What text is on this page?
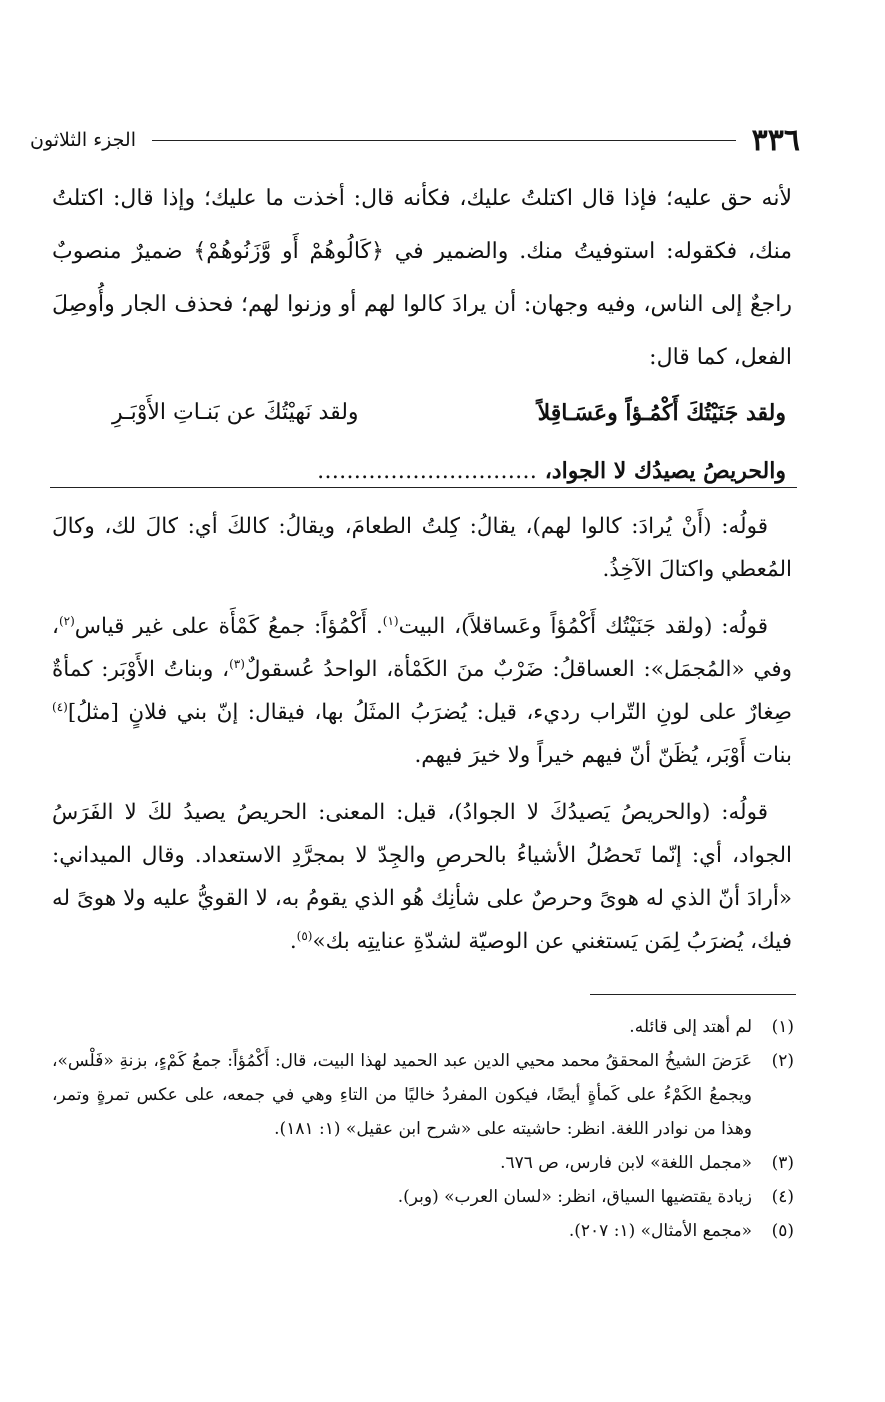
٣٣٦
الجزء الثلاثون

لأنه حق عليه؛ فإذا قال اكتلتُ عليك، فكأنه قال: أخذت ما عليك؛ وإذا قال: اكتلتُ منك، فكقوله: استوفيتُ منك. والضمير في ﴿كَالُوهُمْ أَو وَّزَنُوهُمْ﴾ ضميرٌ منصوبٌ راجعٌ إلى الناس، وفيه وجهان: أن يرادَ كالوا لهم أو وزنوا لهم؛ فحذف الجار وأُوصِلَ الفعل، كما قال:

ولقد جَنَيْتُكَ أَكْمُـؤاً وعَسَـاقِلاً
ولقد نَهيْتُكَ عن بَنـاتِ الأَوْبَـرِ
والحريصُ يصيدُك لا الجواد، …………………………

قولُه: (أَنْ يُرادَ: كالوا لهم)، يقالُ: كِلتُ الطعامَ، ويقالُ: كالكَ أي: كالَ لك، وكالَ المُعطي واكتالَ الآخِذُ.

قولُه: (ولقد جَنَيْتُك أَكْمُؤاً وعَساقلاً)، البيت$^{(١)}$. أَكْمُؤاً: جمعُ كَمْأَة على غير قياس$^{(٢)}$، وفي «المُجمَل»: العساقلُ: ضَرْبٌ منَ الكَمْأة، الواحدُ عُسقولٌ$^{(٣)}$، وبناتُ الأَوْبَر: كمأةٌ صِغارٌ على لونِ التّراب رديء، قيل: يُضرَبُ المثَلُ بها، فيقال: إنّ بني فلانٍ [مثلُ]$^{(٤)}$ بنات أَوْبَر، يُظَنّ أنّ فيهم خيراً ولا خيرَ فيهم.

قولُه: (والحريصُ يَصيدُكَ لا الجوادُ)، قيل: المعنى: الحريصُ يصيدُ لكَ لا الفَرَسُ الجواد، أي: إنّما تَحصُلُ الأشياءُ بالحرصِ والجِدّ لا بمجرَّدِ الاستعداد. وقال الميداني: «أرادَ أنّ الذي له هوىً وحرصٌ على شأنِك هُو الذي يقومُ به، لا القويُّ عليه ولا هوىً له فيك، يُضرَبُ لِمَن يَستغني عن الوصيّة لشدّةِ عنايتِه بك»$^{(٥)}$.

(١)
لم أهتد إلى قائله.
(٢)
عَرَضَ الشيخُ المحققُ محمد محيي الدين عبد الحميد لهذا البيت، قال: أَكْمُؤاً: جمعُ كَمْءٍ، بزنةِ «فَلْس»، ويجمعُ الكَمْءُ على كَمأةٍ أيضًا، فيكون المفردُ خاليًا من التاءِ وهي في جمعه، على عكس تمرةٍ وتمر، وهذا من نوادر اللغة. انظر: حاشيته على «شرح ابن عقيل» (١: ١٨١).
(٣)
«مجمل اللغة» لابن فارس، ص ٦٧٦.
(٤)
زيادة يقتضيها السياق، انظر: «لسان العرب» (وبر).
(٥)
«مجمع الأمثال» (١: ٢٠٧).
